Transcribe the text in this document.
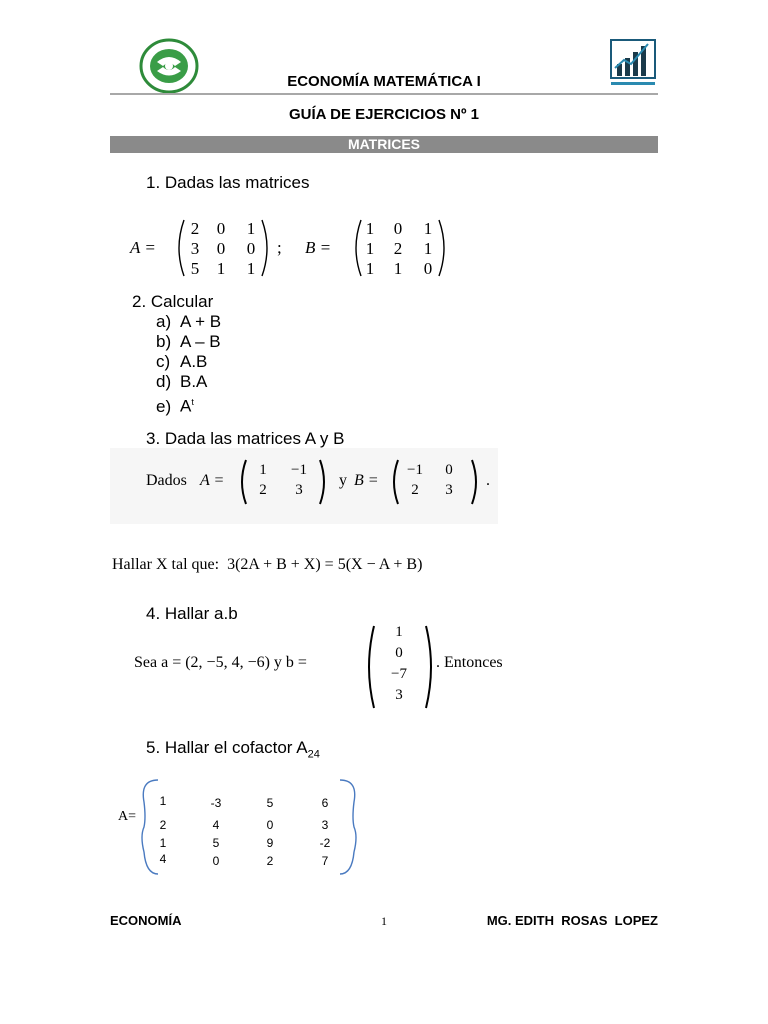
ECONOMÍA MATEMÁTICA I
GUÍA DE EJERCICIOS Nº 1
MATRICES
1. Dadas las matrices
A =
2	0	1
3	0	0
5	1	1
; B =
1	0	1
1	2	1
1	1	0
2. Calcular
a) A + B
b) A – B
c) A.B
d) B.A
e) $A^t$
3. Dada las matrices A y B
Dados A =
1	−1
2	3
y B =
−1	0
2	3
.
Hallar X tal que:  3(2A + B + X) = 5(X − A + B)
4. Hallar a.b
Sea a = (2, −5, 4, −6) y b =
1
0
−7
3
. Entonces
5. Hallar el cofactor $A_{24}$
A=
1	-3	5	6
2	4	0	3
1	5	9	-2
4	0	2	7
ECONOMÍA	1	MG. EDITH  ROSAS  LOPEZ
